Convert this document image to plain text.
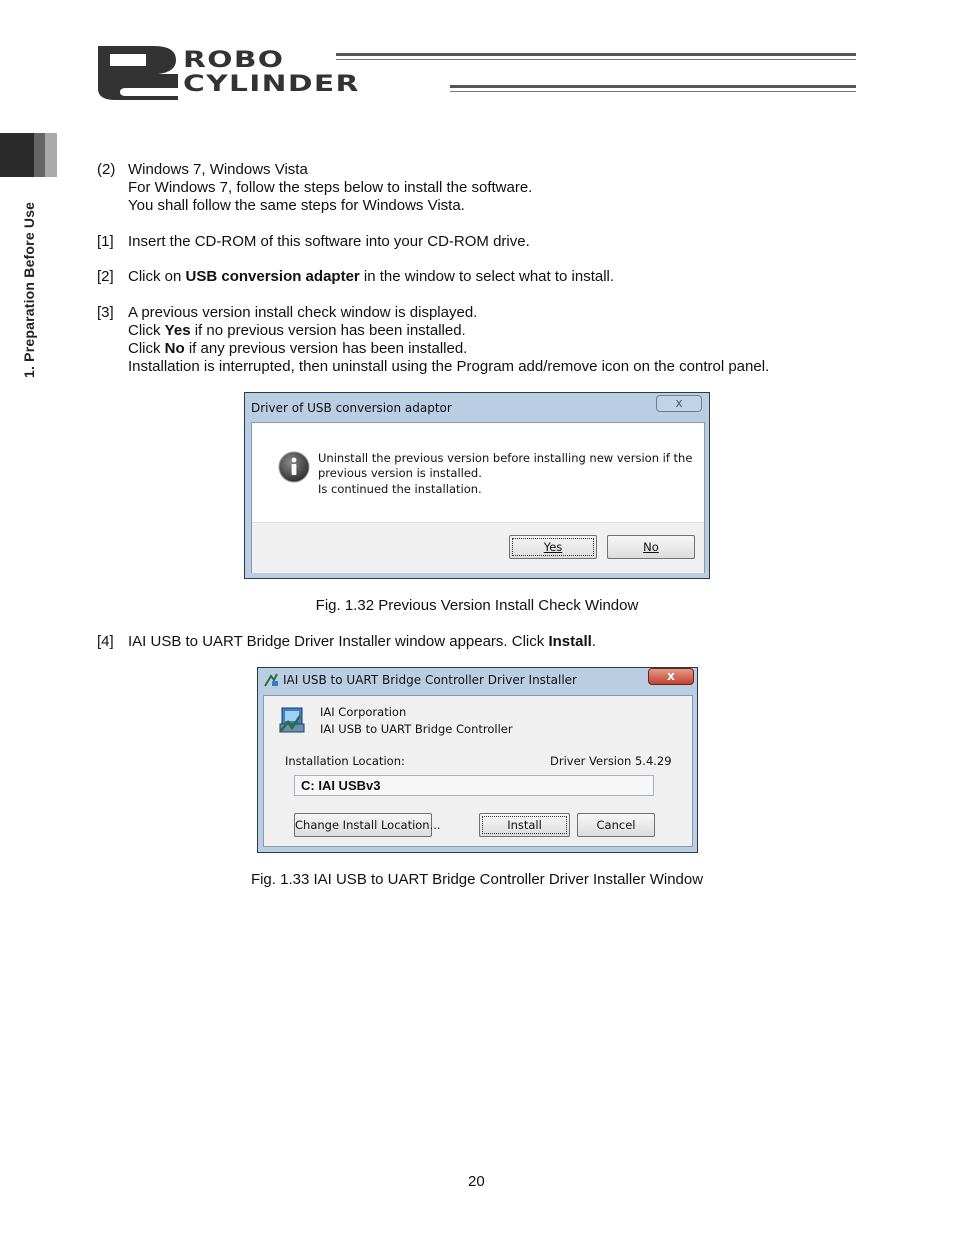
ROBO
CYLINDER
1. Preparation Before Use
(2) Windows 7, Windows Vista
For Windows 7, follow the steps below to install the software.
You shall follow the same steps for Windows Vista.
[1] Insert the CD-ROM of this software into your CD-ROM drive.
[2] Click on USB conversion adapter in the window to select what to install.
[3] A previous version install check window is displayed.
Click Yes if no previous version has been installed.
Click No if any previous version has been installed.
Installation is interrupted, then uninstall using the Program add/remove icon on the control panel.
Driver of USB conversion adaptor	x
Uninstall the previous version before installing new version if the
previous version is installed.
Is continued the installation.
Yes	No
Fig. 1.32 Previous Version Install Check Window
[4] IAI USB to UART Bridge Driver Installer window appears. Click Install.
IAI USB to UART Bridge Controller Driver Installer	x
IAI Corporation
IAI USB to UART Bridge Controller
Installation Location:	Driver Version 5.4.29
C: IAI USBv3
Change Install Location...	Install	Cancel
Fig. 1.33 IAI USB to UART Bridge Controller Driver Installer Window
20
